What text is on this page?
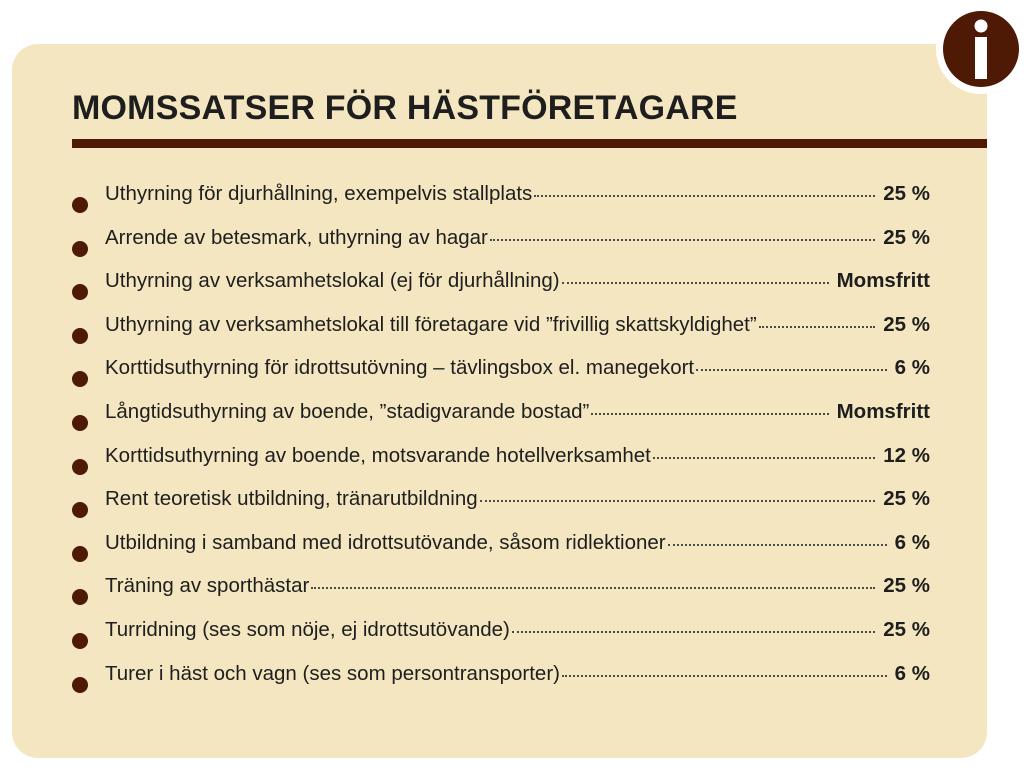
MOMSSATSER FÖR HÄSTFÖRETAGARE
Uthyrning för djurhållning, exempelvis stallplats	25 %
Arrende av betesmark, uthyrning av hagar	25 %
Uthyrning av verksamhetslokal (ej för djurhållning)	Momsfritt
Uthyrning av verksamhetslokal till företagare vid ”frivillig skattskyldighet”	25 %
Korttidsuthyrning för idrottsutövning – tävlingsbox el. manegekort	6 %
Långtidsuthyrning av boende, ”stadigvarande bostad”	Momsfritt
Korttidsuthyrning av boende, motsvarande hotellverksamhet	12 %
Rent teoretisk utbildning, tränarutbildning	25 %
Utbildning i samband med idrottsutövande, såsom ridlektioner	6 %
Träning av sporthästar	25 %
Turridning (ses som nöje, ej idrottsutövande)	25 %
Turer i häst och vagn (ses som persontransporter)	6 %
